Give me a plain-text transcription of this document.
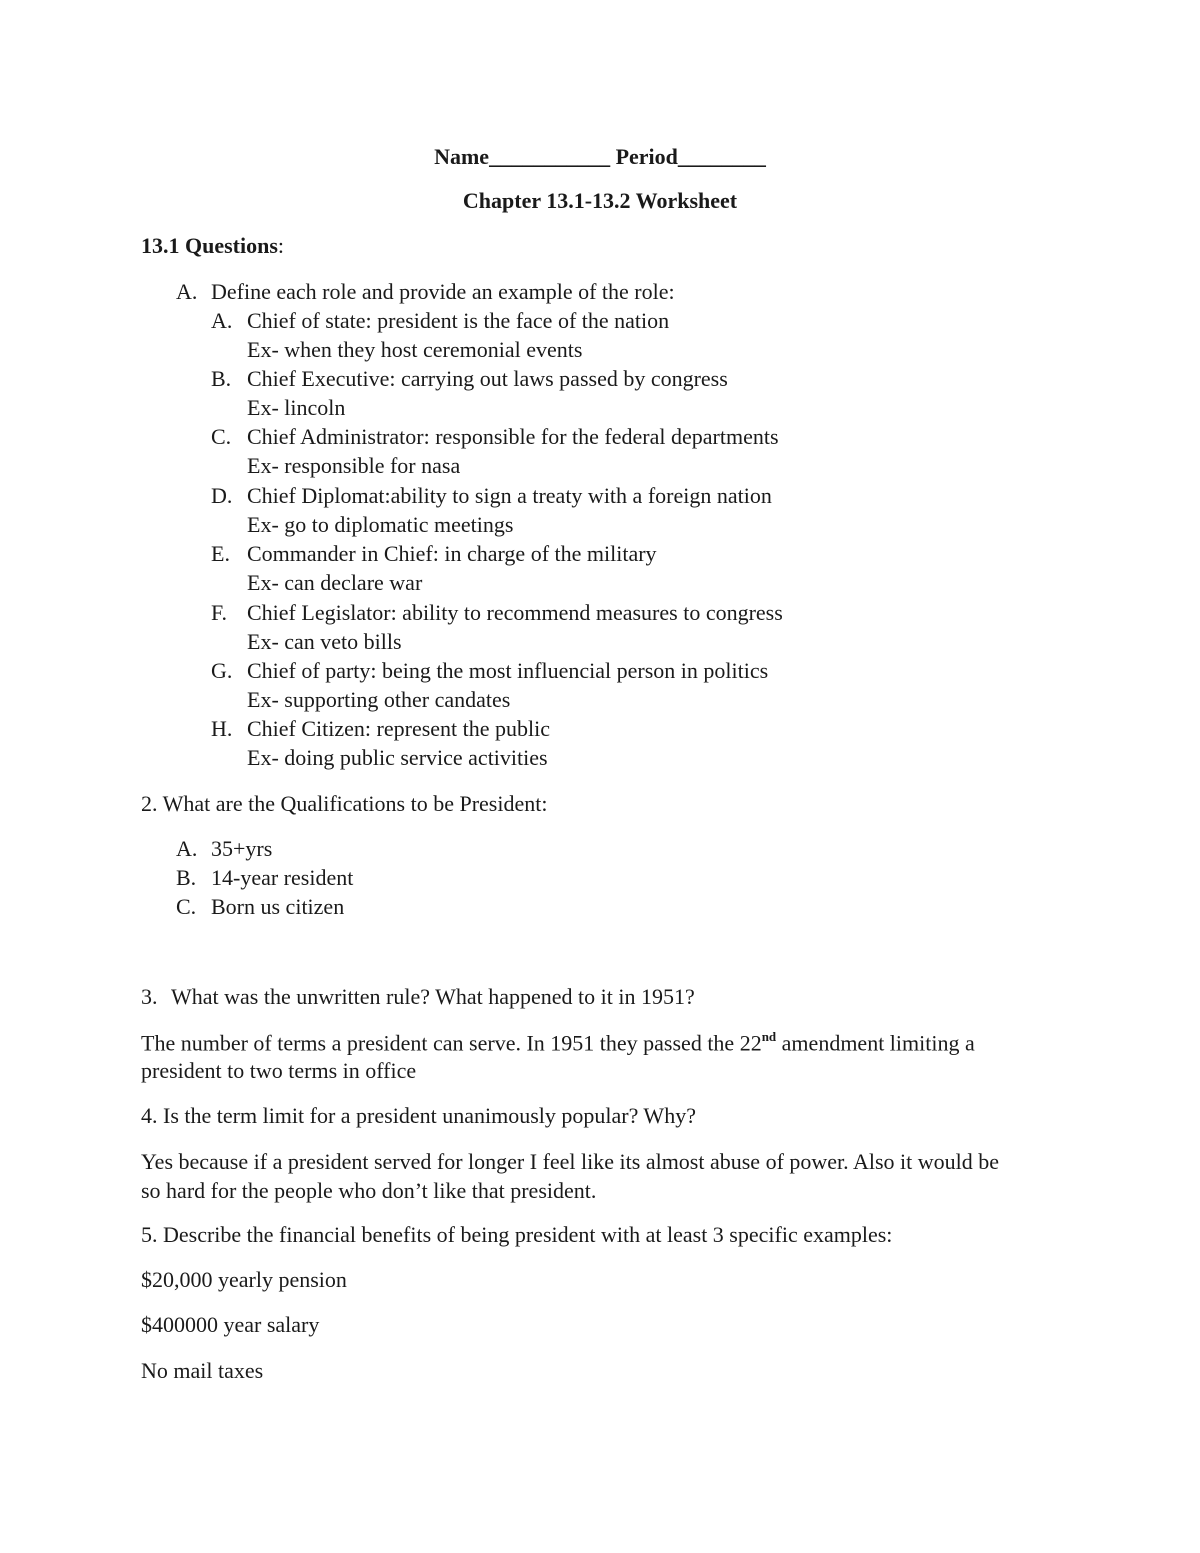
Name___________ Period________
Chapter 13.1-13.2 Worksheet
13.1 Questions:
A. Define each role and provide an example of the role:
A. Chief of state: president is the face of the nation
Ex- when they host ceremonial events
B. Chief Executive: carrying out laws passed by congress
Ex- lincoln
C. Chief Administrator: responsible for the federal departments
Ex- responsible for nasa
D. Chief Diplomat:ability to sign a treaty with a foreign nation
Ex- go to diplomatic meetings
E. Commander in Chief: in charge of the military
Ex- can declare war
F. Chief Legislator: ability to recommend measures to congress
Ex- can veto bills
G. Chief of party: being the most influencial person in politics
Ex- supporting other candates
H. Chief Citizen: represent the public
Ex- doing public service activities
2. What are the Qualifications to be President:
A. 35+yrs
B. 14-year resident
C. Born us citizen
3. What was the unwritten rule? What happened to it in 1951?
The number of terms a president can serve. In 1951 they passed the 22nd amendment limiting a
president to two terms in office
4. Is the term limit for a president unanimously popular? Why?
Yes because if a president served for longer I feel like its almost abuse of power. Also it would be
so hard for the people who don’t like that president.
5. Describe the financial benefits of being president with at least 3 specific examples:
$20,000 yearly pension
$400000 year salary
No mail taxes
